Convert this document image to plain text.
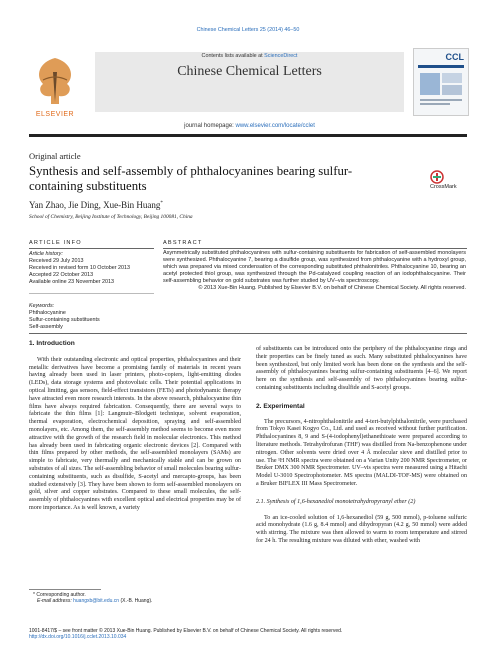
Chinese Chemical Letters 25 (2014) 46–50
ELSEVIER
Contents lists available at ScienceDirect
Chinese Chemical Letters
CCL
journal homepage: www.elsevier.com/locate/cclet
Original article
Synthesis and self-assembly of phthalocyanines bearing sulfur-containing substituents	CrossMark
Yan Zhao, Jie Ding, Xue-Bin Huang*
School of Chemistry, Beijing Institute of Technology, Beijing 100081, China
ARTICLE INFO	ABSTRACT
Article history:
Received 29 July 2013
Received in revised form 10 October 2013
Accepted 22 October 2013
Available online 23 November 2013
Keywords:
Phthalocyanine
Sulfur-containing substituents
Self-assembly
Asymmetrically substituted phthalocyanines with sulfur-containing substituents for fabrication of self-assembled monolayers were synthesized. Phthalocyanine 7, bearing a disulfide group, was synthesized from phthalocyanine with a hydroxyl group, which was prepared via mixed condensation of the corresponding substituted phthalonitriles. Phthalocyanine 10, bearing an acetyl protected thiol group, was synthesized through the Pd-catalyzed coupling reaction of an iodophthalocyanine. Their self-assembling behavior on gold substrates was further studied by UV–vis spectroscopy.
© 2013 Xue-Bin Huang. Published by Elsevier B.V. on behalf of Chinese Chemical Society. All rights reserved.
1. Introduction

With their outstanding electronic and optical properties, phthalocyanines and their metallic derivatives have become a promising family of materials in recent years having already been used in laser printers, photo-copiers, light-emitting diodes (LEDs), data storage systems and photovoltaic cells. Their potential applications in optical limiting, gas sensors, field-effect transistors (FETs) and photodynamic therapy have attracted even more research interests. In the above research, phthalocyanine thin films have always required fabrication. Consequently, there are several ways to fabricate the thin films [1]: Langmuir–Blodgett technique, solvent evaporation, thermal evaporation, electrochemical deposition, spraying and self-assembled monolayers, etc. Among them, the self-assembly method seems to become even more attractive with the growth of the research field in molecular electronics. This method has already been used in fabricating organic electronic devices [2]. Compared with thin films prepared by other methods, the self-assembled monolayers (SAMs) are simple to fabricate, very thermally and mechanically stable and can be grown on substrates of all sizes. The self-assembling behavior of small molecules bearing sulfur-containing substituents, such as disulfide, S-acetyl and mercapto-groups, has been studied extensively [3]. They have been shown to form self-assembled monolayers on gold, silver and copper substrates. Compared to these small molecules, the self-assembly of phthalocyanines with excellent optical and electrical properties may be of more importance. As is well known, a variety

of substituents can be introduced onto the periphery of the phthalocyanine rings and their properties can be finely tuned as such. Many substituted phthalocyanines have been synthesized, but only limited work has been done on the synthesis and the self-assembly of phthalocyanines bearing sulfur-containing substituents [4–6]. We report here on the synthesis and self-assembly of two phthalocyanines bearing sulfur-containing substituents including disulfide and S-acetyl groups.

2. Experimental

The precursors, 4-nitrophthalonitrile and 4-tert-butylphthalonitrile, were purchased from Tokyo Kasei Kogyo Co., Ltd. and used as received without further purification. Phthalocyanines 8, 9 and S-(4-iodophenyl)ethanethioate were prepared according to literature methods. Tetrahydrofuran (THF) was distilled from Na-benzophenone under nitrogen. Other solvents were dried over 4 Å molecular sieve and distilled prior to use. The ¹H NMR spectra were obtained on a Varian Unity 200 NMR Spectrometer, or Bruker DMX 300 NMR Spectrometer. UV–vis spectra were measured using a Hitachi Model U-3010 Spectrophotometer. MS spectra (MALDI-TOF-MS) were obtained on a Bruker BIFLEX III Mass Spectrometer.

2.1. Synthesis of 1,6-hexanediol monotetrahydropyranyl ether (2)

To an ice-cooled solution of 1,6-hexanediol (59 g, 500 mmol), p-toluene sulfuric acid monohydrate (1.6 g, 8.4 mmol) and dihydropyran (4.2 g, 50 mmol) were added with stirring. The mixture was then allowed to warm to room temperature and stirred for 24 h. The resulting mixture was diluted with ether, washed with

* Corresponding author.
E-mail address: huangxb@bit.edu.cn (X.-B. Huang).
1001-8417/$ – see front matter © 2013 Xue-Bin Huang. Published by Elsevier B.V. on behalf of Chinese Chemical Society. All rights reserved.
http://dx.doi.org/10.1016/j.cclet.2013.10.034
